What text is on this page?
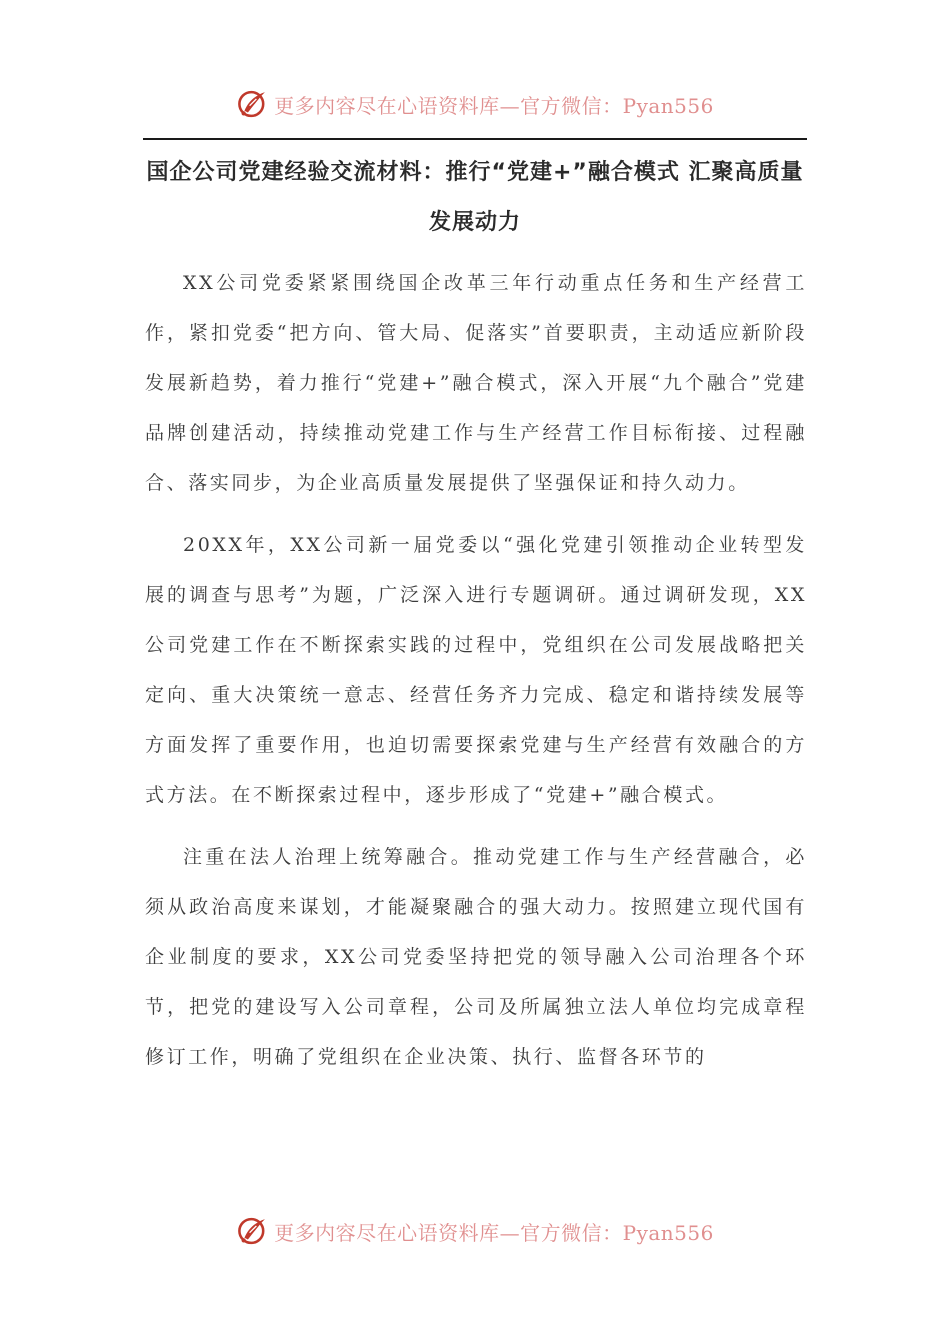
更多内容尽在心语资料库—官方微信：Pyan556
国企公司党建经验交流材料：推行“党建+”融合模式 汇聚高质量发展动力

XX公司党委紧紧围绕国企改革三年行动重点任务和生产经营工作，紧扣党委“把方向、管大局、促落实”首要职责，主动适应新阶段发展新趋势，着力推行“党建+”融合模式，深入开展“九个融合”党建品牌创建活动，持续推动党建工作与生产经营工作目标衔接、过程融合、落实同步，为企业高质量发展提供了坚强保证和持久动力。

20XX年，XX公司新一届党委以“强化党建引领推动企业转型发展的调查与思考”为题，广泛深入进行专题调研。通过调研发现，XX公司党建工作在不断探索实践的过程中，党组织在公司发展战略把关定向、重大决策统一意志、经营任务齐力完成、稳定和谐持续发展等方面发挥了重要作用，也迫切需要探索党建与生产经营有效融合的方式方法。在不断探索过程中，逐步形成了“党建+”融合模式。

注重在法人治理上统筹融合。推动党建工作与生产经营融合，必须从政治高度来谋划，才能凝聚融合的强大动力。按照建立现代国有企业制度的要求，XX公司党委坚持把党的领导融入公司治理各个环节，把党的建设写入公司章程，公司及所属独立法人单位均完成章程修订工作，明确了党组织在企业决策、执行、监督各环节的

更多内容尽在心语资料库—官方微信：Pyan556
